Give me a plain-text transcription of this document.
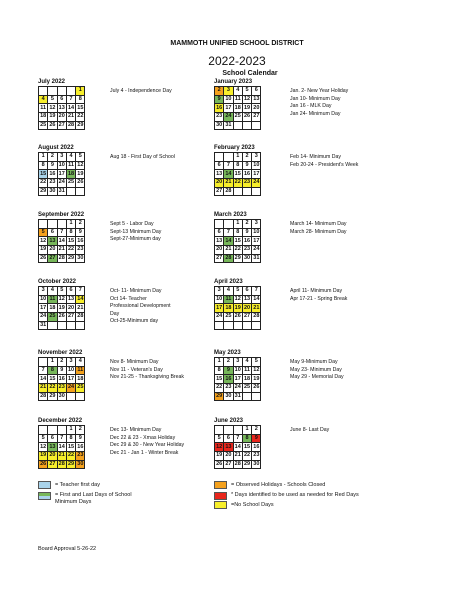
MAMMOTH UNIFIED SCHOOL DISTRICT
2022-2023
School Calendar
July 2022
				1
4	5	6	7	8
11	12	13	14	15
18	19	20	21	22
25	26	27	28	29
July 4 - Independence Day
January 2023
2	3	4	5	6
9	10	11	12	13
16	17	18	19	20
23	24	25	26	27
30	31			
Jan. 2- New Year Holiday
Jan 10- Minimum Day
Jan 16 - MLK Day
Jan 24- Minimum Day
August 2022
1	2	3	4	5
8	9	10	11	12
15	16	17	18	19
22	23	24	25	26
29	30	31		
Aug 18 - First Day of School
February 2023
		1	2	3
6	7	8	9	10
13	14	15	16	17
20	21	22	23	24
27	28			
Feb 14- Minimum Day
Feb 20-24 - President's Week
September 2022
			1	2
5	6	7	8	9
12	13	14	15	16
19	20	21	22	23
26	27	28	29	30
Sept 5 - Labor Day
Sept-13 Minimum Day
Sept-27-Minimum day
March 2023
		1	2	3
6	7	8	9	10
13	14	15	16	17
20	21	22	23	24
27	28	29	30	31
March 14- Minimum Day
March 28- Minimum Day
October 2022
3	4	5	6	7
10	11	12	13	14
17	18	19	20	21
24	25	26	27	28
31				
Oct- 11- Minimum Day
Oct 14- Teacher
Professional Development
Day
Oct-25-Minimum day
April 2023
3	4	5	6	7
10	11	12	13	14
17	18	19	20	21
24	25	26	27	28

April 11- Minimum Day
Apr 17-21 - Spring Break
November 2022
	1	2	3	4
7	8	9	10	11
14	15	16	17	18
21	22	23	24	25
28	29	30		
Nov 8- Minimum Day
Nov 11 - Veteran's Day
Nov 21-25 - Thanksgiving Break
May 2023
1	2	3	4	5
8	9	10	11	12
15	16	17	18	19
22	23	24	25	26
29	30	31		
May 9-Minimum Day
May 23- Minimum Day
May 29 - Memorial Day
December 2022
			1	2
5	6	7	8	9
12	13	14	15	16
19	20	21	22	23
26	27	28	29	30
Dec 13- Minimum Day
Dec 22 & 23 - Xmas Holiday
Dec 29 & 30 - New Year Holiday
Dec 21 - Jan 1 - Winter Break
June 2023
			1	2
5	6	7	8	9
12	13	14	15	16
19	20	21	22	23
26	27	28	29	30
June 8- Last Day
= Teacher first day
= First and Last Days of School
Minimum Days
= Observed Holidays - Schools Closed
* Days identified to be used as needed for Red Days
=No School Days
Board Approval 5-26-22
